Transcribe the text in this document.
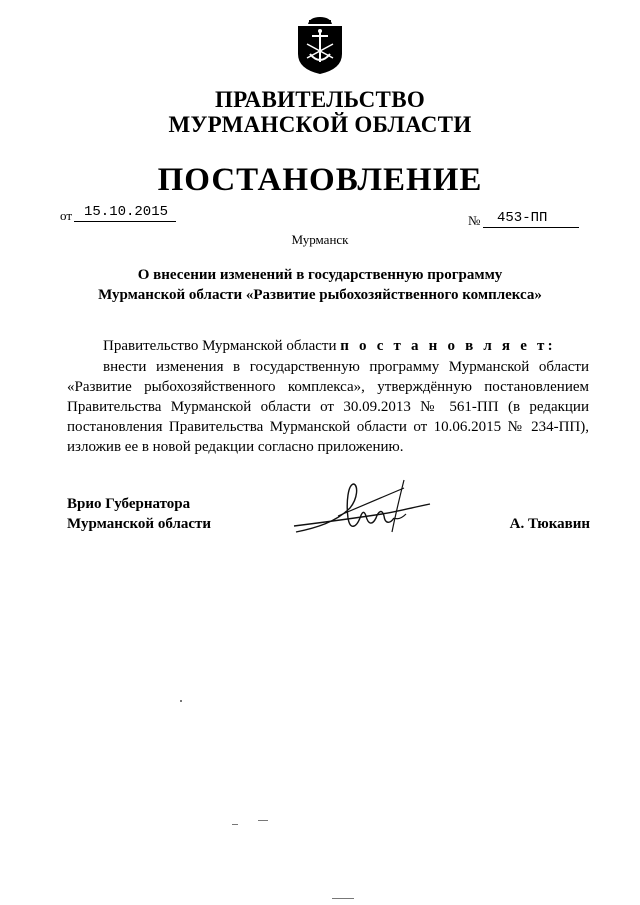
ПРАВИТЕЛЬСТВО
МУРМАНСКОЙ ОБЛАСТИ
ПОСТАНОВЛЕНИЕ
от 15.10.2015
№ 453-ПП
Мурманск
О внесении изменений в государственную программу
Мурманской области «Развитие рыбохозяйственного комплекса»
Правительство Мурманской области п о с т а н о в л я е т:

внести изменения в государственную программу Мурманской области «Развитие рыбохозяйственного комплекса», утверждённую постановлением Правительства Мурманской области от 30.09.2013 № 561-ПП (в редакции постановления Правительства Мурманской области от 10.06.2015 № 234-ПП), изложив ее в новой редакции согласно приложению.

Врио Губернатора
Мурманской области	А. Тюкавин
